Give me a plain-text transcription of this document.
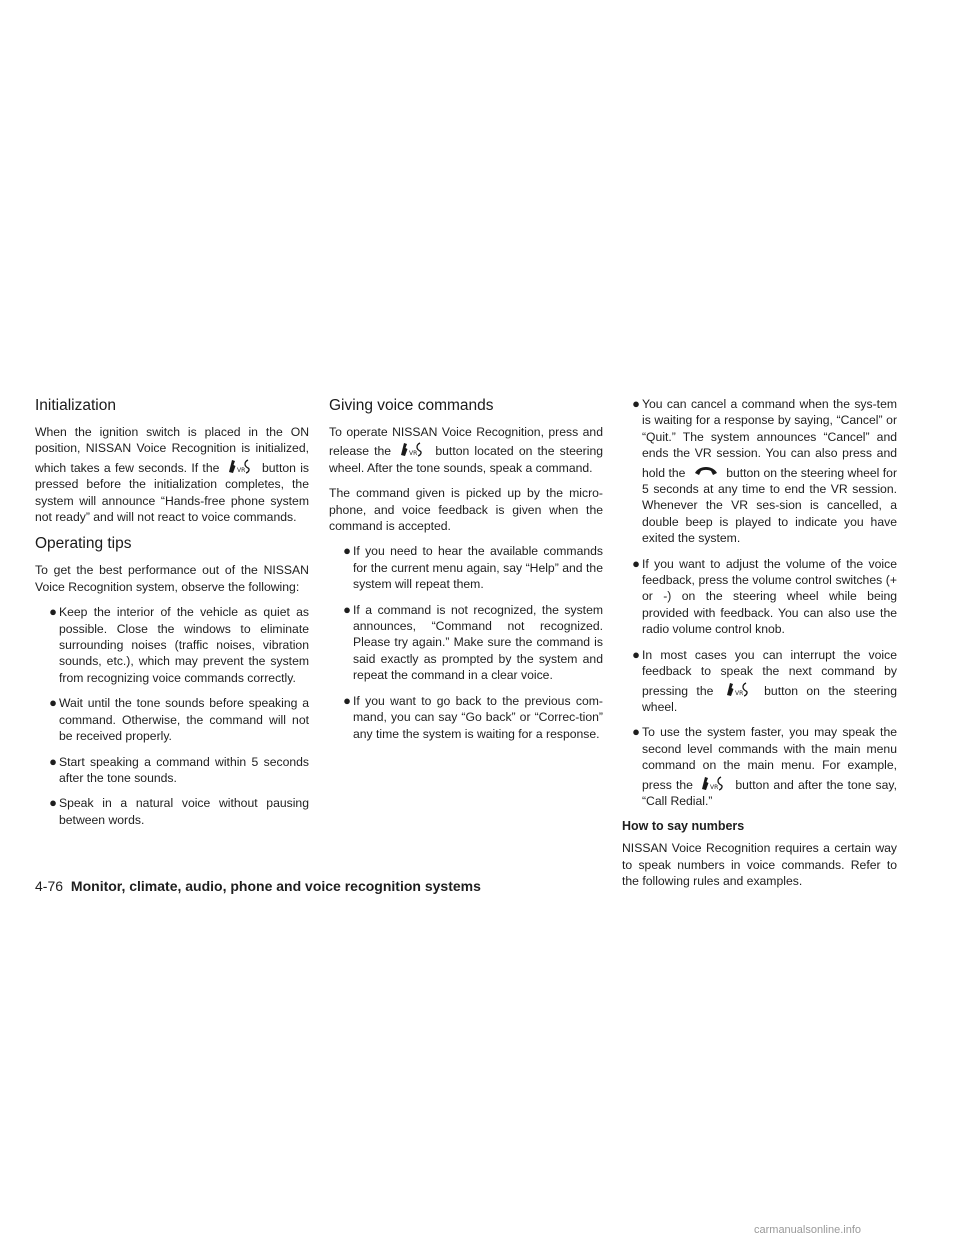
Initialization

When the ignition switch is placed in the ON position, NISSAN Voice Recognition is initialized, which takes a few seconds. If the	button is pressed before the initialization completes, the system will announce “Hands-free phone system not ready” and will not react to voice commands.

Operating tips

To get the best performance out of the NISSAN Voice Recognition system, observe the following:

● Keep the interior of the vehicle as quiet as possible. Close the windows to eliminate surrounding noises (traffic noises, vibration sounds, etc.), which may prevent the system from recognizing voice commands correctly.
● Wait until the tone sounds before speaking a command. Otherwise, the command will not be received properly.
● Start speaking a command within 5 seconds after the tone sounds.
● Speak in a natural voice without pausing between words.
Giving voice commands

To operate NISSAN Voice Recognition, press and release the	button located on the steering wheel. After the tone sounds, speak a command.

The command given is picked up by the micro-phone, and voice feedback is given when the command is accepted.

● If you need to hear the available commands for the current menu again, say “Help” and the system will repeat them.
● If a command is not recognized, the system announces, “Command not recognized. Please try again.” Make sure the command is said exactly as prompted by the system and repeat the command in a clear voice.
● If you want to go back to the previous com-mand, you can say “Go back” or “Correc-tion” any time the system is waiting for a response.
● You can cancel a command when the sys-tem is waiting for a response by saying, “Cancel” or “Quit.” The system announces “Cancel” and ends the VR session. You can also press and hold the	button on the steering wheel for 5 seconds at any time to end the VR session. Whenever the VR ses-sion is cancelled, a double beep is played to indicate you have exited the system.
● If you want to adjust the volume of the voice feedback, press the volume control switches (+ or -) on the steering wheel while being provided with feedback. You can also use the radio volume control knob.
● In most cases you can interrupt the voice feedback to speak the next command by pressing the	button on the steering wheel.
● To use the system faster, you may speak the second level commands with the main menu command on the main menu. For example, press the	button and after the tone say, “Call Redial.”
How to say numbers

NISSAN Voice Recognition requires a certain way to speak numbers in voice commands. Refer to the following rules and examples.

4-76 Monitor, climate, audio, phone and voice recognition systems
carmanualsonline.info
